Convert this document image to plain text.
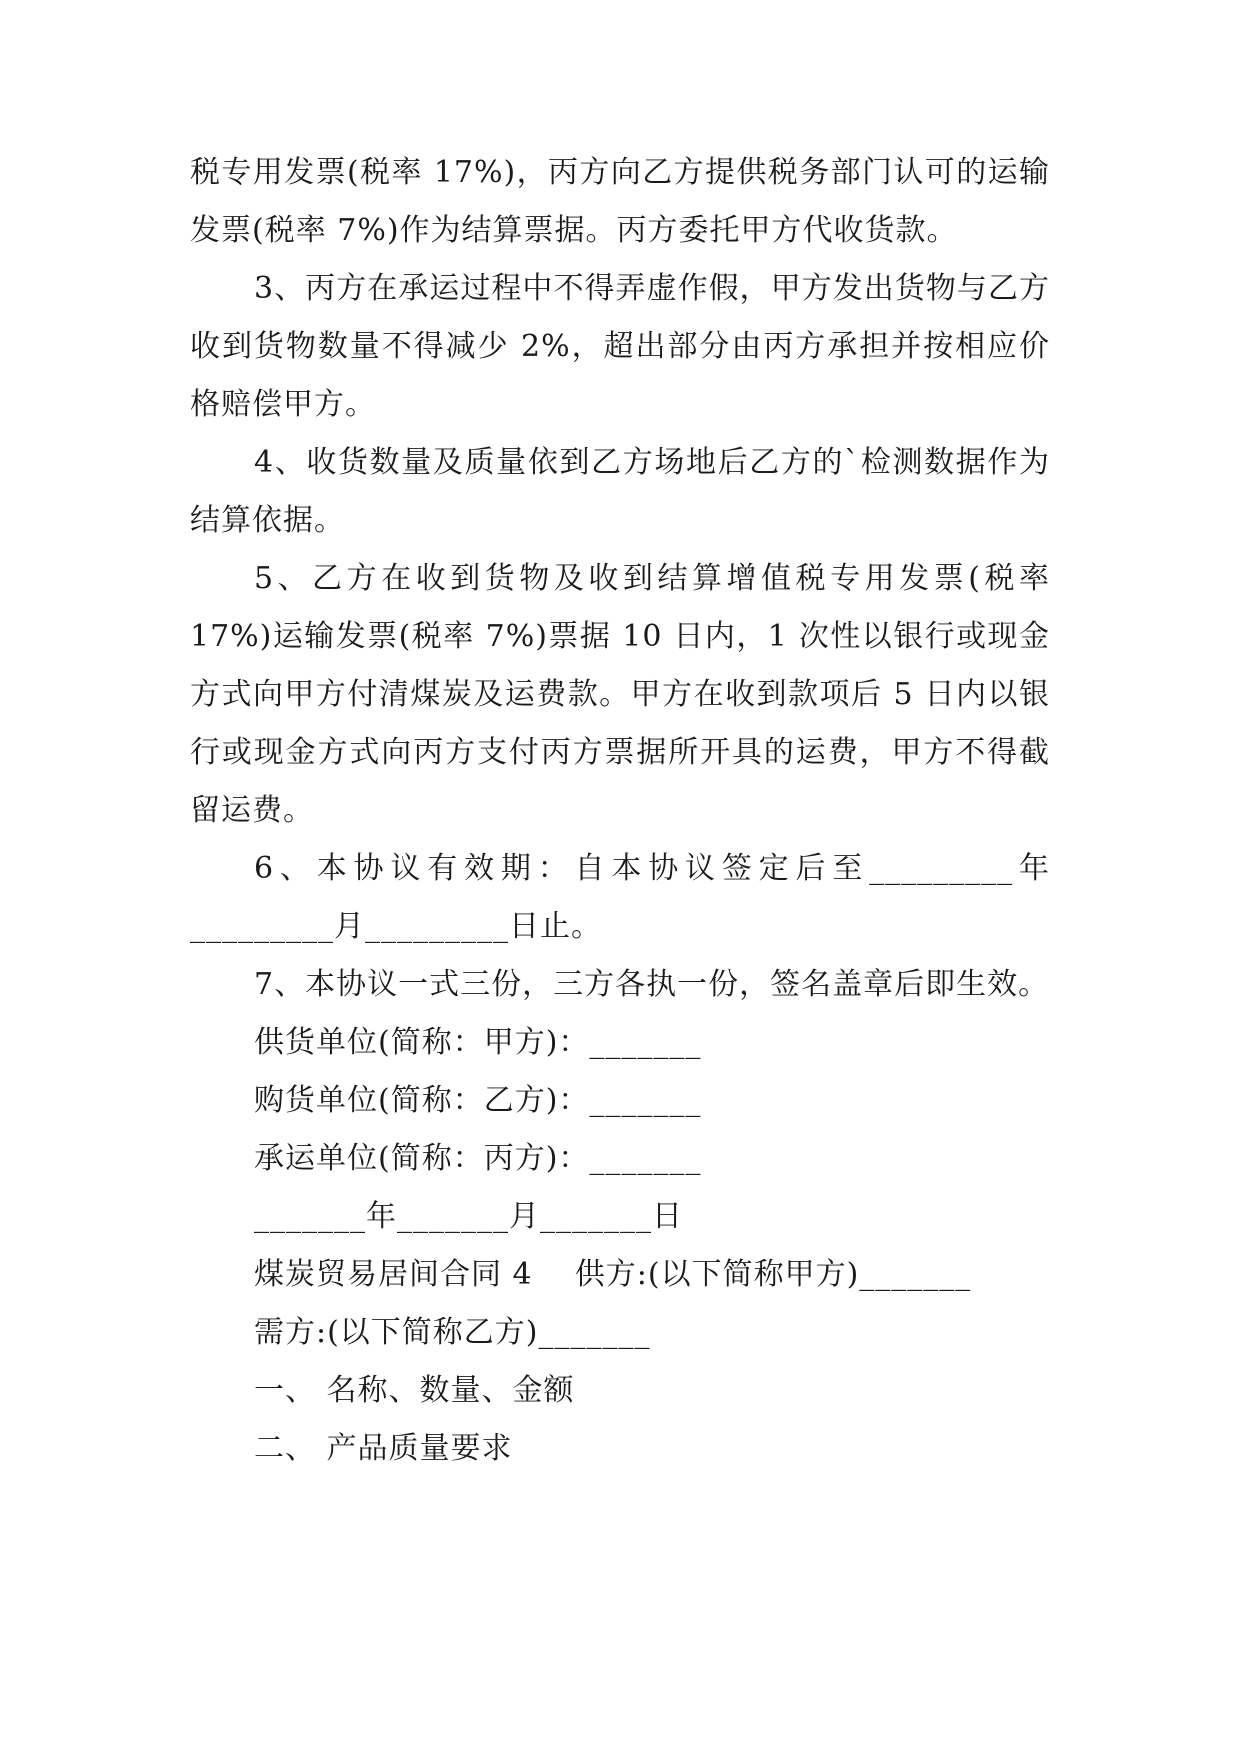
税专用发票(税率 17%)，丙方向乙方提供税务部门认可的运输发票(税率 7%)作为结算票据。丙方委托甲方代收货款。

3、丙方在承运过程中不得弄虚作假，甲方发出货物与乙方收到货物数量不得减少 2%，超出部分由丙方承担并按相应价格赔偿甲方。

4、收货数量及质量依到乙方场地后乙方的`检测数据作为结算依据。

5、乙方在收到货物及收到结算增值税专用发票(税率17%)运输发票(税率 7%)票据 10 日内，1 次性以银行或现金方式向甲方付清煤炭及运费款。甲方在收到款项后 5 日内以银行或现金方式向丙方支付丙方票据所开具的运费，甲方不得截留运费。

6、本协议有效期：自本协议签定后至_________年_________月_________日止。

7、本协议一式三份，三方各执一份，签名盖章后即生效。

供货单位(简称：甲方)：_______

购货单位(简称：乙方)：_______

承运单位(简称：丙方)：_______

_______年_______月_______日

煤炭贸易居间合同 4    供方:(以下简称甲方)_______

需方:(以下简称乙方)_______

一、 名称、数量、金额

二、 产品质量要求
